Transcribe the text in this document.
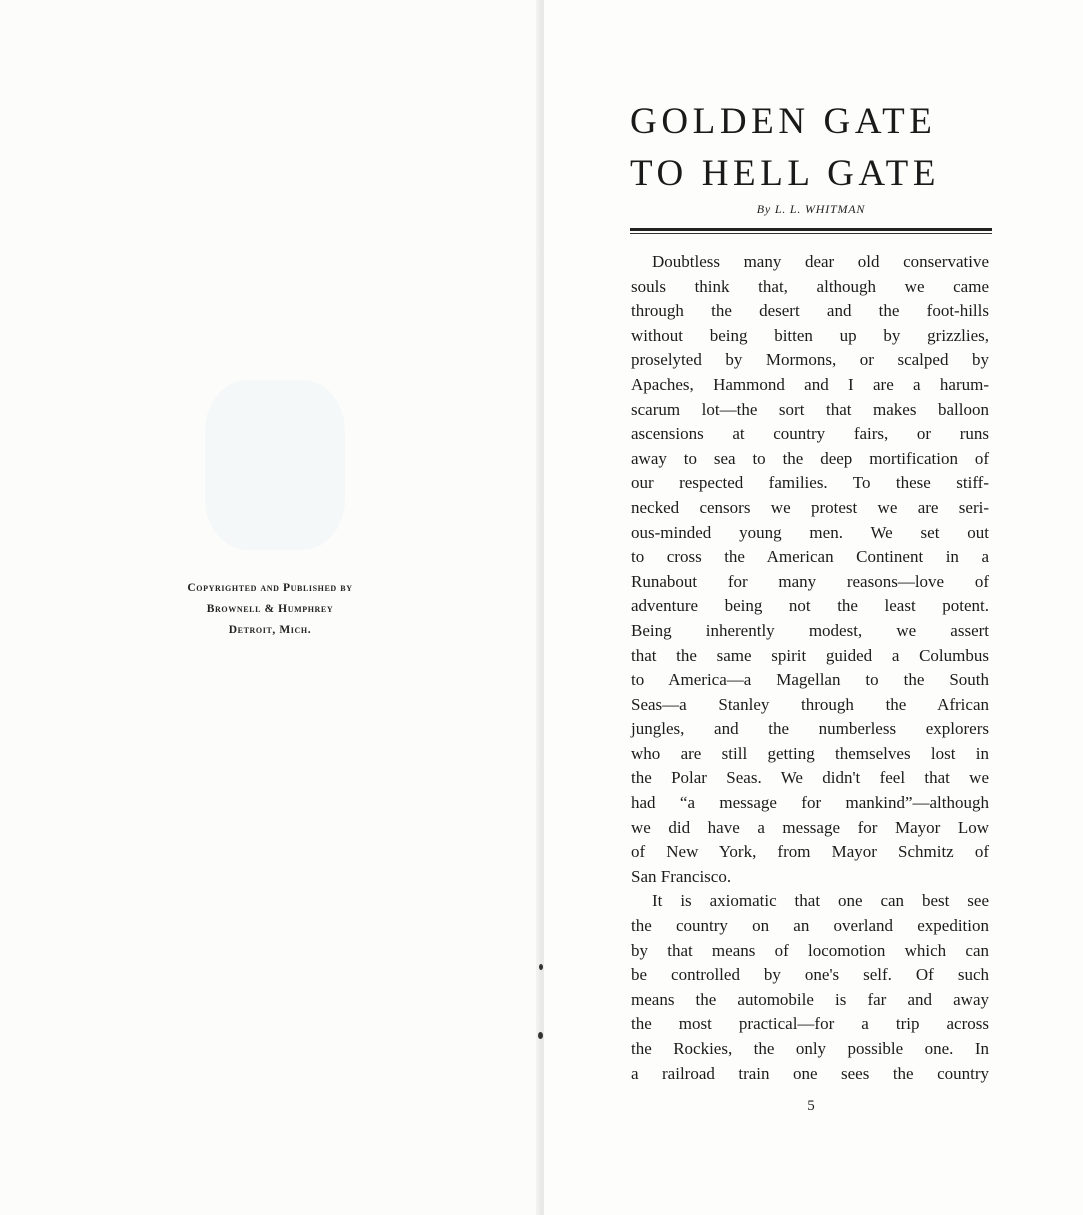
Copyrighted and Published by
Brownell & Humphrey
Detroit, Mich.
GOLDEN GATE
TO HELL GATE
By L. L. WHITMAN
Doubtless many dear old conservative
souls think that, although we came
through the desert and the foot-hills
without being bitten up by grizzlies,
proselyted by Mormons, or scalped by
Apaches, Hammond and I are a harum-
scarum lot—the sort that makes balloon
ascensions at country fairs, or runs
away to sea to the deep mortification of
our respected families. To these stiff-
necked censors we protest we are seri-
ous-minded young men. We set out
to cross the American Continent in a
Runabout for many reasons—love of
adventure being not the least potent.
Being inherently modest, we assert
that the same spirit guided a Columbus
to America—a Magellan to the South
Seas—a Stanley through the African
jungles, and the numberless explorers
who are still getting themselves lost in
the Polar Seas. We didn't feel that we
had “a message for mankind”—although
we did have a message for Mayor Low
of New York, from Mayor Schmitz of
San Francisco.
It is axiomatic that one can best see
the country on an overland expedition
by that means of locomotion which can
be controlled by one's self. Of such
means the automobile is far and away
the most practical—for a trip across
the Rockies, the only possible one. In
a railroad train one sees the country
5
